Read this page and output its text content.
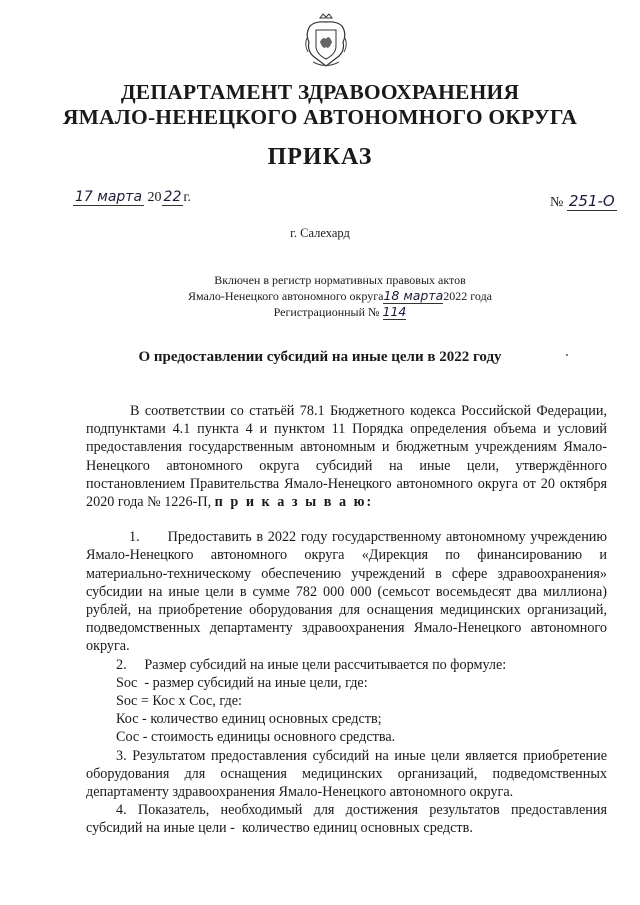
ДЕПАРТАМЕНТ ЗДРАВООХРАНЕНИЯ
ЯМАЛО-НЕНЕЦКОГО АВТОНОМНОГО ОКРУГА
ПРИКАЗ
17 марта 20 22 г.	№ 251-О
г. Салехард
Включен в регистр нормативных правовых актов
Ямало-Ненецкого автономного округа18 марта2022 года
Регистрационный № 114
О предоставлении субсидий на иные цели в 2022 году

В соответствии со статьёй 78.1 Бюджетного кодекса Российской Федерации, подпунктами 4.1 пункта 4 и пунктом 11 Порядка определения объема и условий предоставления государственным автономным и бюджетным учреждениям Ямало-Ненецкого автономного округа субсидий на иные цели, утверждённого постановлением Правительства Ямало-Ненецкого автономного округа от 20 октября 2020 года № 1226-П, п р и к а з ы в а ю:

1.      Предоставить в 2022 году государственному автономному учреждению Ямало-Ненецкого автономного округа «Дирекция по финансированию и материально-техническому обеспечению учреждений в сфере здравоохранения» субсидии на иные цели в сумме 782 000 000 (семьсот восемьдесят два миллиона) рублей, на приобретение оборудования для оснащения медицинских организаций, подведомственных департаменту здравоохранения Ямало-Ненецкого автономного округа.

2.     Размер субсидий на иные цели рассчитывается по формуле:

Soc  - размер субсидий на иные цели, где:

Soc = Кос х Сос, где:

Кос - количество единиц основных средств;

Сос - стоимость единицы основного средства.

3. Результатом предоставления субсидий на иные цели является приобретение оборудования для оснащения медицинских организаций, подведомственных департаменту здравоохранения Ямало-Ненецкого автономного округа.

4. Показатель, необходимый для достижения результатов предоставления субсидий на иные цели -  количество единиц основных средств.
